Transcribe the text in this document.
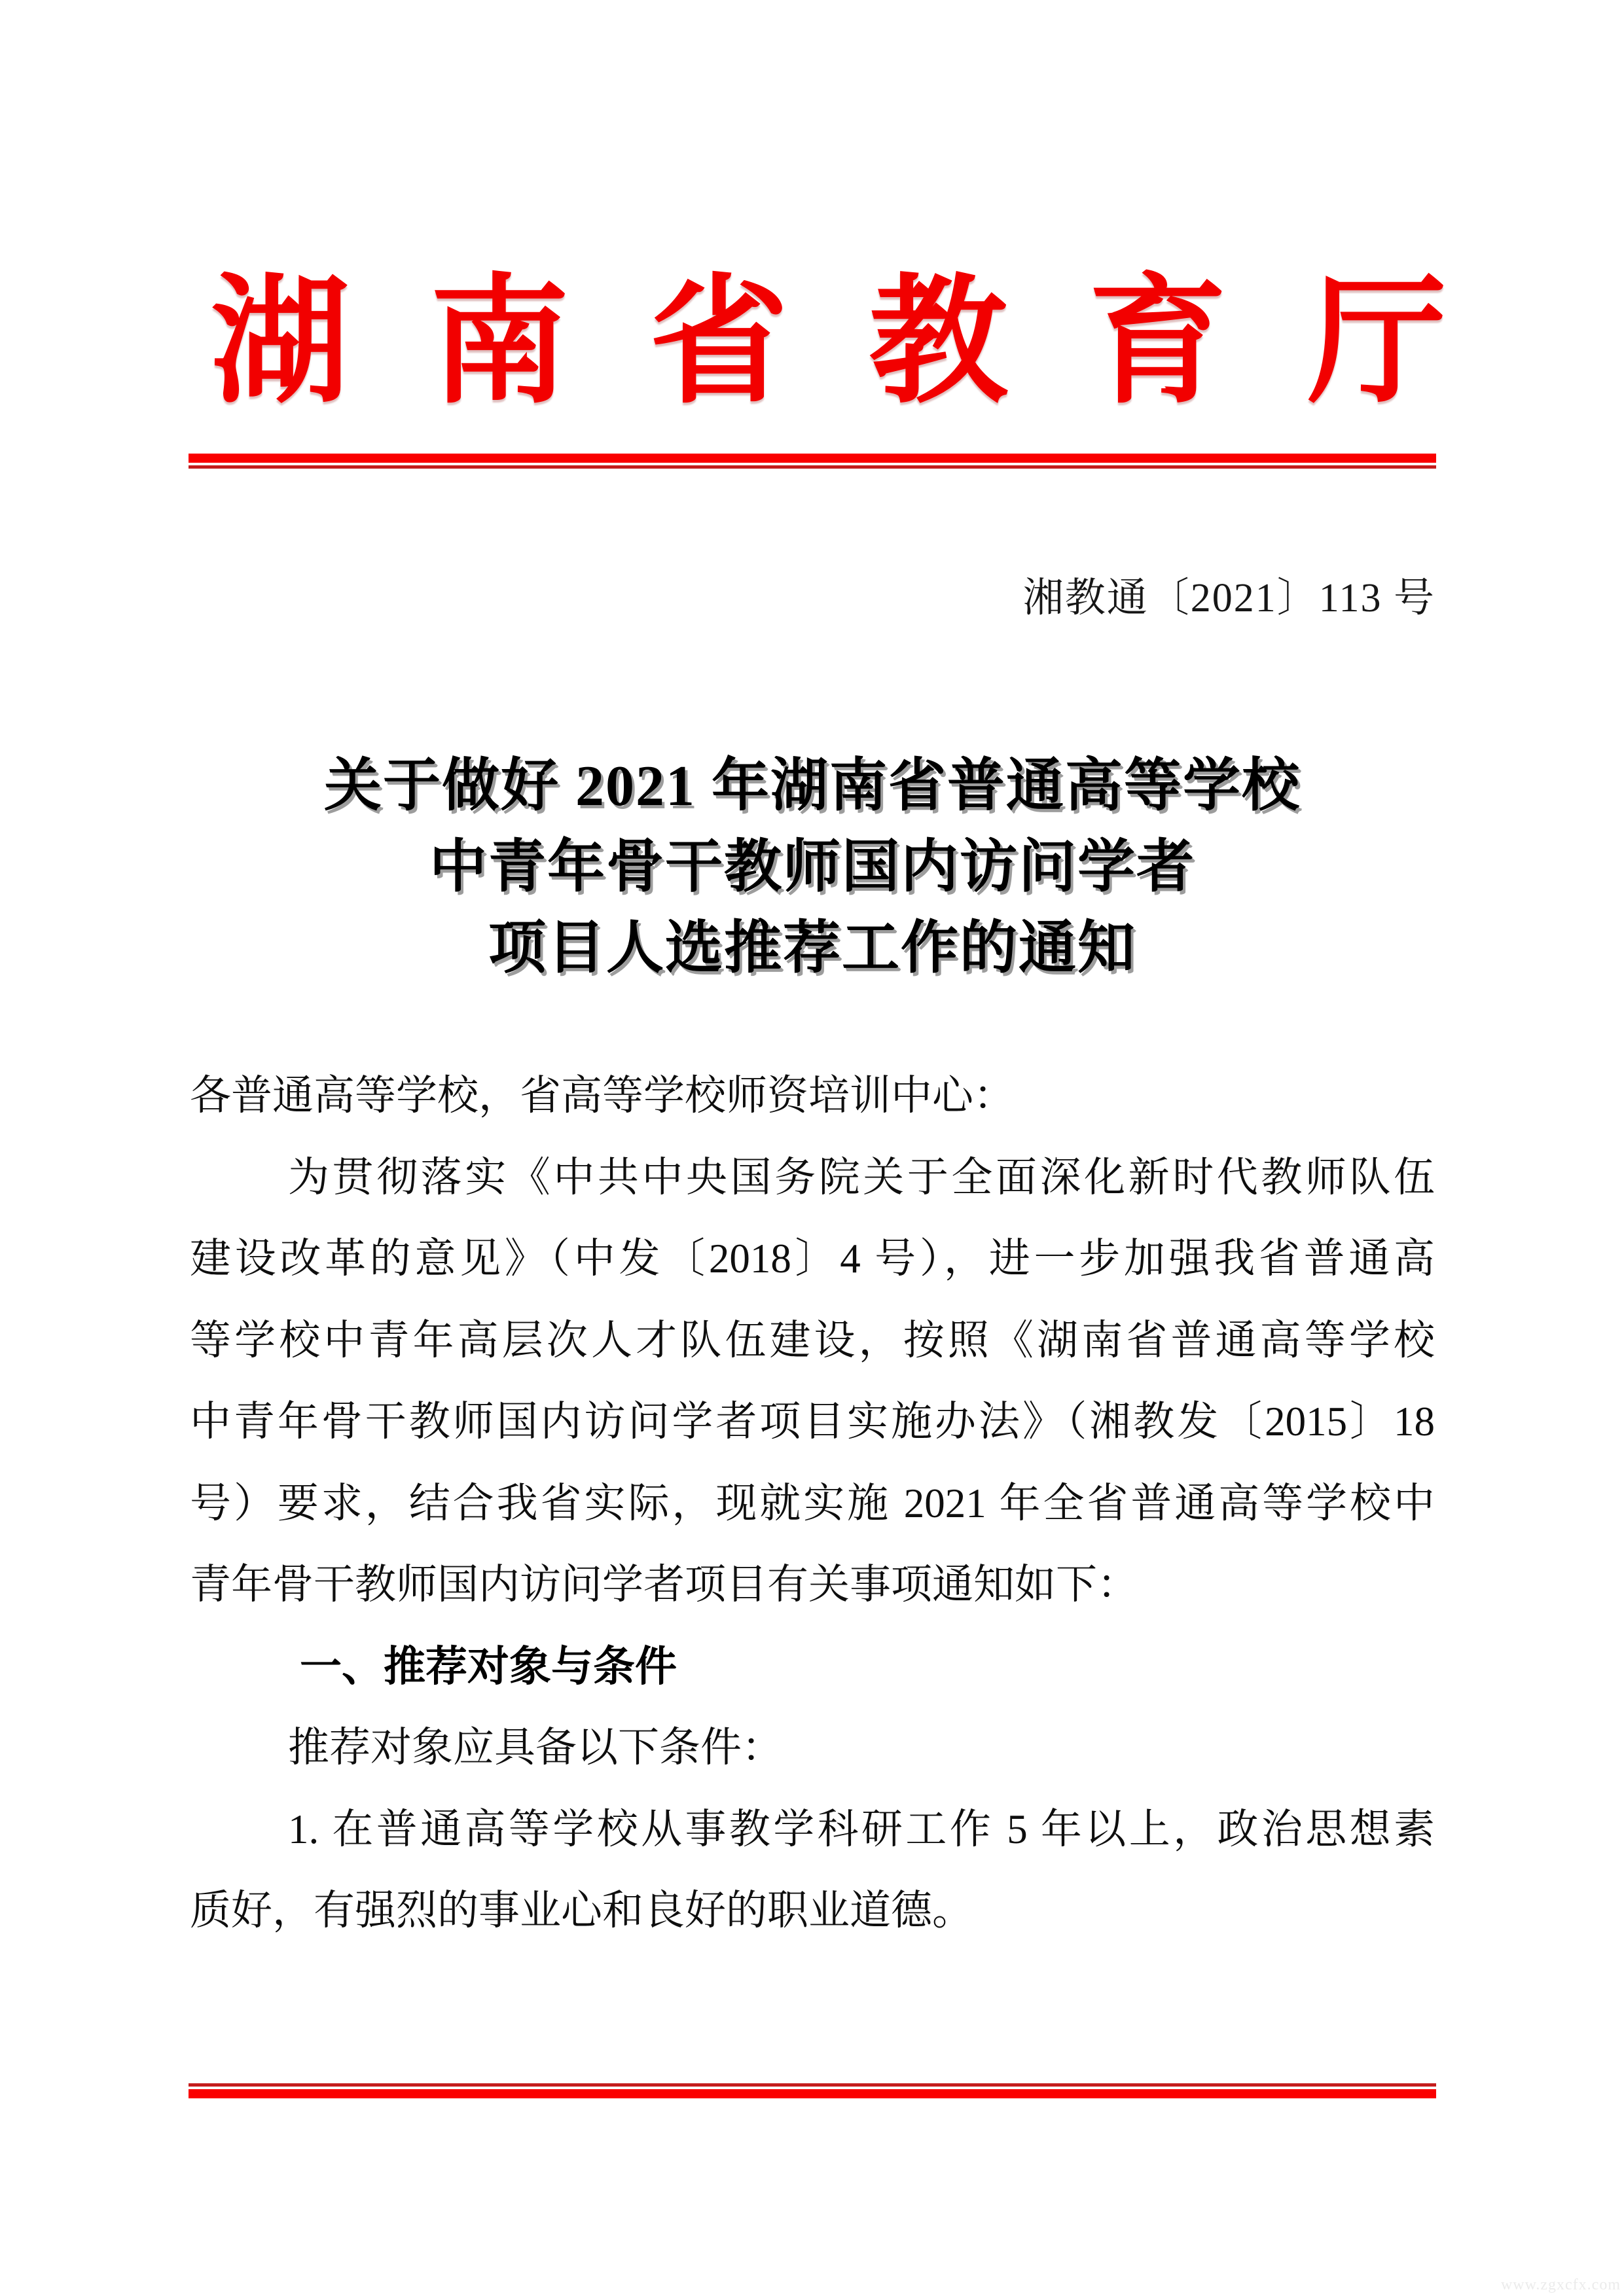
湖 南 省 教 育 厅
湘教通〔2021〕113 号
关于做好 2021 年湖南省普通高等学校
中青年骨干教师国内访问学者
项目人选推荐工作的通知
各普通高等学校，省高等学校师资培训中心：
为贯彻落实《中共中央国务院关于全面深化新时代教师队伍
建设改革的意见》（中发〔2018〕4 号），进一步加强我省普通高
等学校中青年高层次人才队伍建设，按照《湖南省普通高等学校
中青年骨干教师国内访问学者项目实施办法》（湘教发〔2015〕18
号）要求，结合我省实际，现就实施 2021 年全省普通高等学校中
青年骨干教师国内访问学者项目有关事项通知如下：
一、推荐对象与条件
推荐对象应具备以下条件：
1. 在普通高等学校从事教学科研工作 5 年以上，政治思想素
质好，有强烈的事业心和良好的职业道德。
www.zgxcfx.com
